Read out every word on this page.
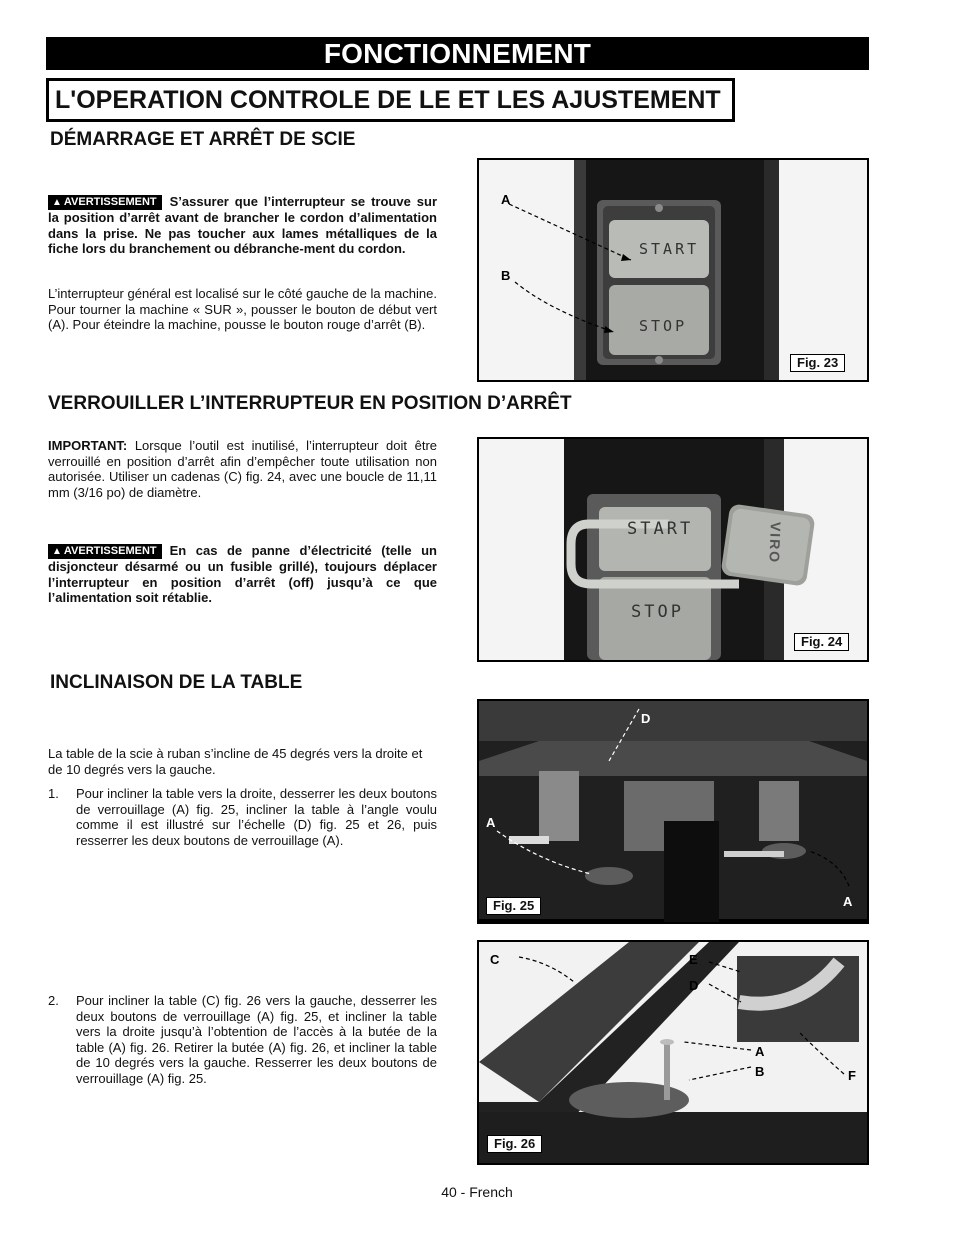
FONCTIONNEMENT
L'OPERATION CONTROLE DE LE ET LES AJUSTEMENT
DÉMARRAGE ET ARRÊT DE SCIE
▲ AVERTISSEMENT S’assurer que l’interrupteur se trouve sur la position d’arrêt avant de brancher le cordon d’alimentation dans la prise. Ne pas toucher aux lames métalliques de la fiche lors du branchement ou débranche-ment du cordon.
L’interrupteur général est localisé sur le côté gauche de la machine. Pour tourner la machine « SUR », pousser le bouton de début vert (A). Pour éteindre la machine, pousse le bouton rouge d’arrêt (B).
START
STOP
A
B
Fig. 23
VERROUILLER L’INTERRUPTEUR EN POSITION D’ARRÊT
IMPORTANT: Lorsque l’outil est inutilisé, l’interrupteur doit être verrouillé en position d’arrêt afin d’empêcher toute utilisation non autorisée. Utiliser un cadenas (C) fig. 24, avec une boucle de 11,11 mm (3/16 po) de diamètre.
▲ AVERTISSEMENT En cas de panne d’électricité (telle un disjoncteur désarmé ou un fusible grillé), toujours déplacer l’interrupteur en position d’arrêt (off) jusqu’à ce que l’alimentation soit rétablie.
START
STOP
VIRO
Fig. 24
INCLINAISON DE LA TABLE
La table de la scie à ruban s’incline de 45 degrés vers la droite et de 10 degrés vers la gauche.
1. Pour incliner la table vers la droite, desserrer les deux boutons de verrouillage (A) fig. 25, incliner la table à l’angle voulu comme il est illustré sur l’échelle (D) fig. 25 et 26, puis resserrer les deux boutons de verrouillage (A).
2. Pour incliner la table (C) fig. 26 vers la gauche, desserrer les deux boutons de verrouillage (A) fig. 25, et incliner la table vers la droite jusqu’à l’obtention de l’accès à la butée de la table (A) fig. 26. Retirer la butée (A) fig. 26, et incliner la table de 10 degrés vers la gauche. Resserrer les deux boutons de verrouillage (A) fig. 25.
D
A
A
Fig. 25
C	E
D
A
B	F
Fig. 26
40 - French
